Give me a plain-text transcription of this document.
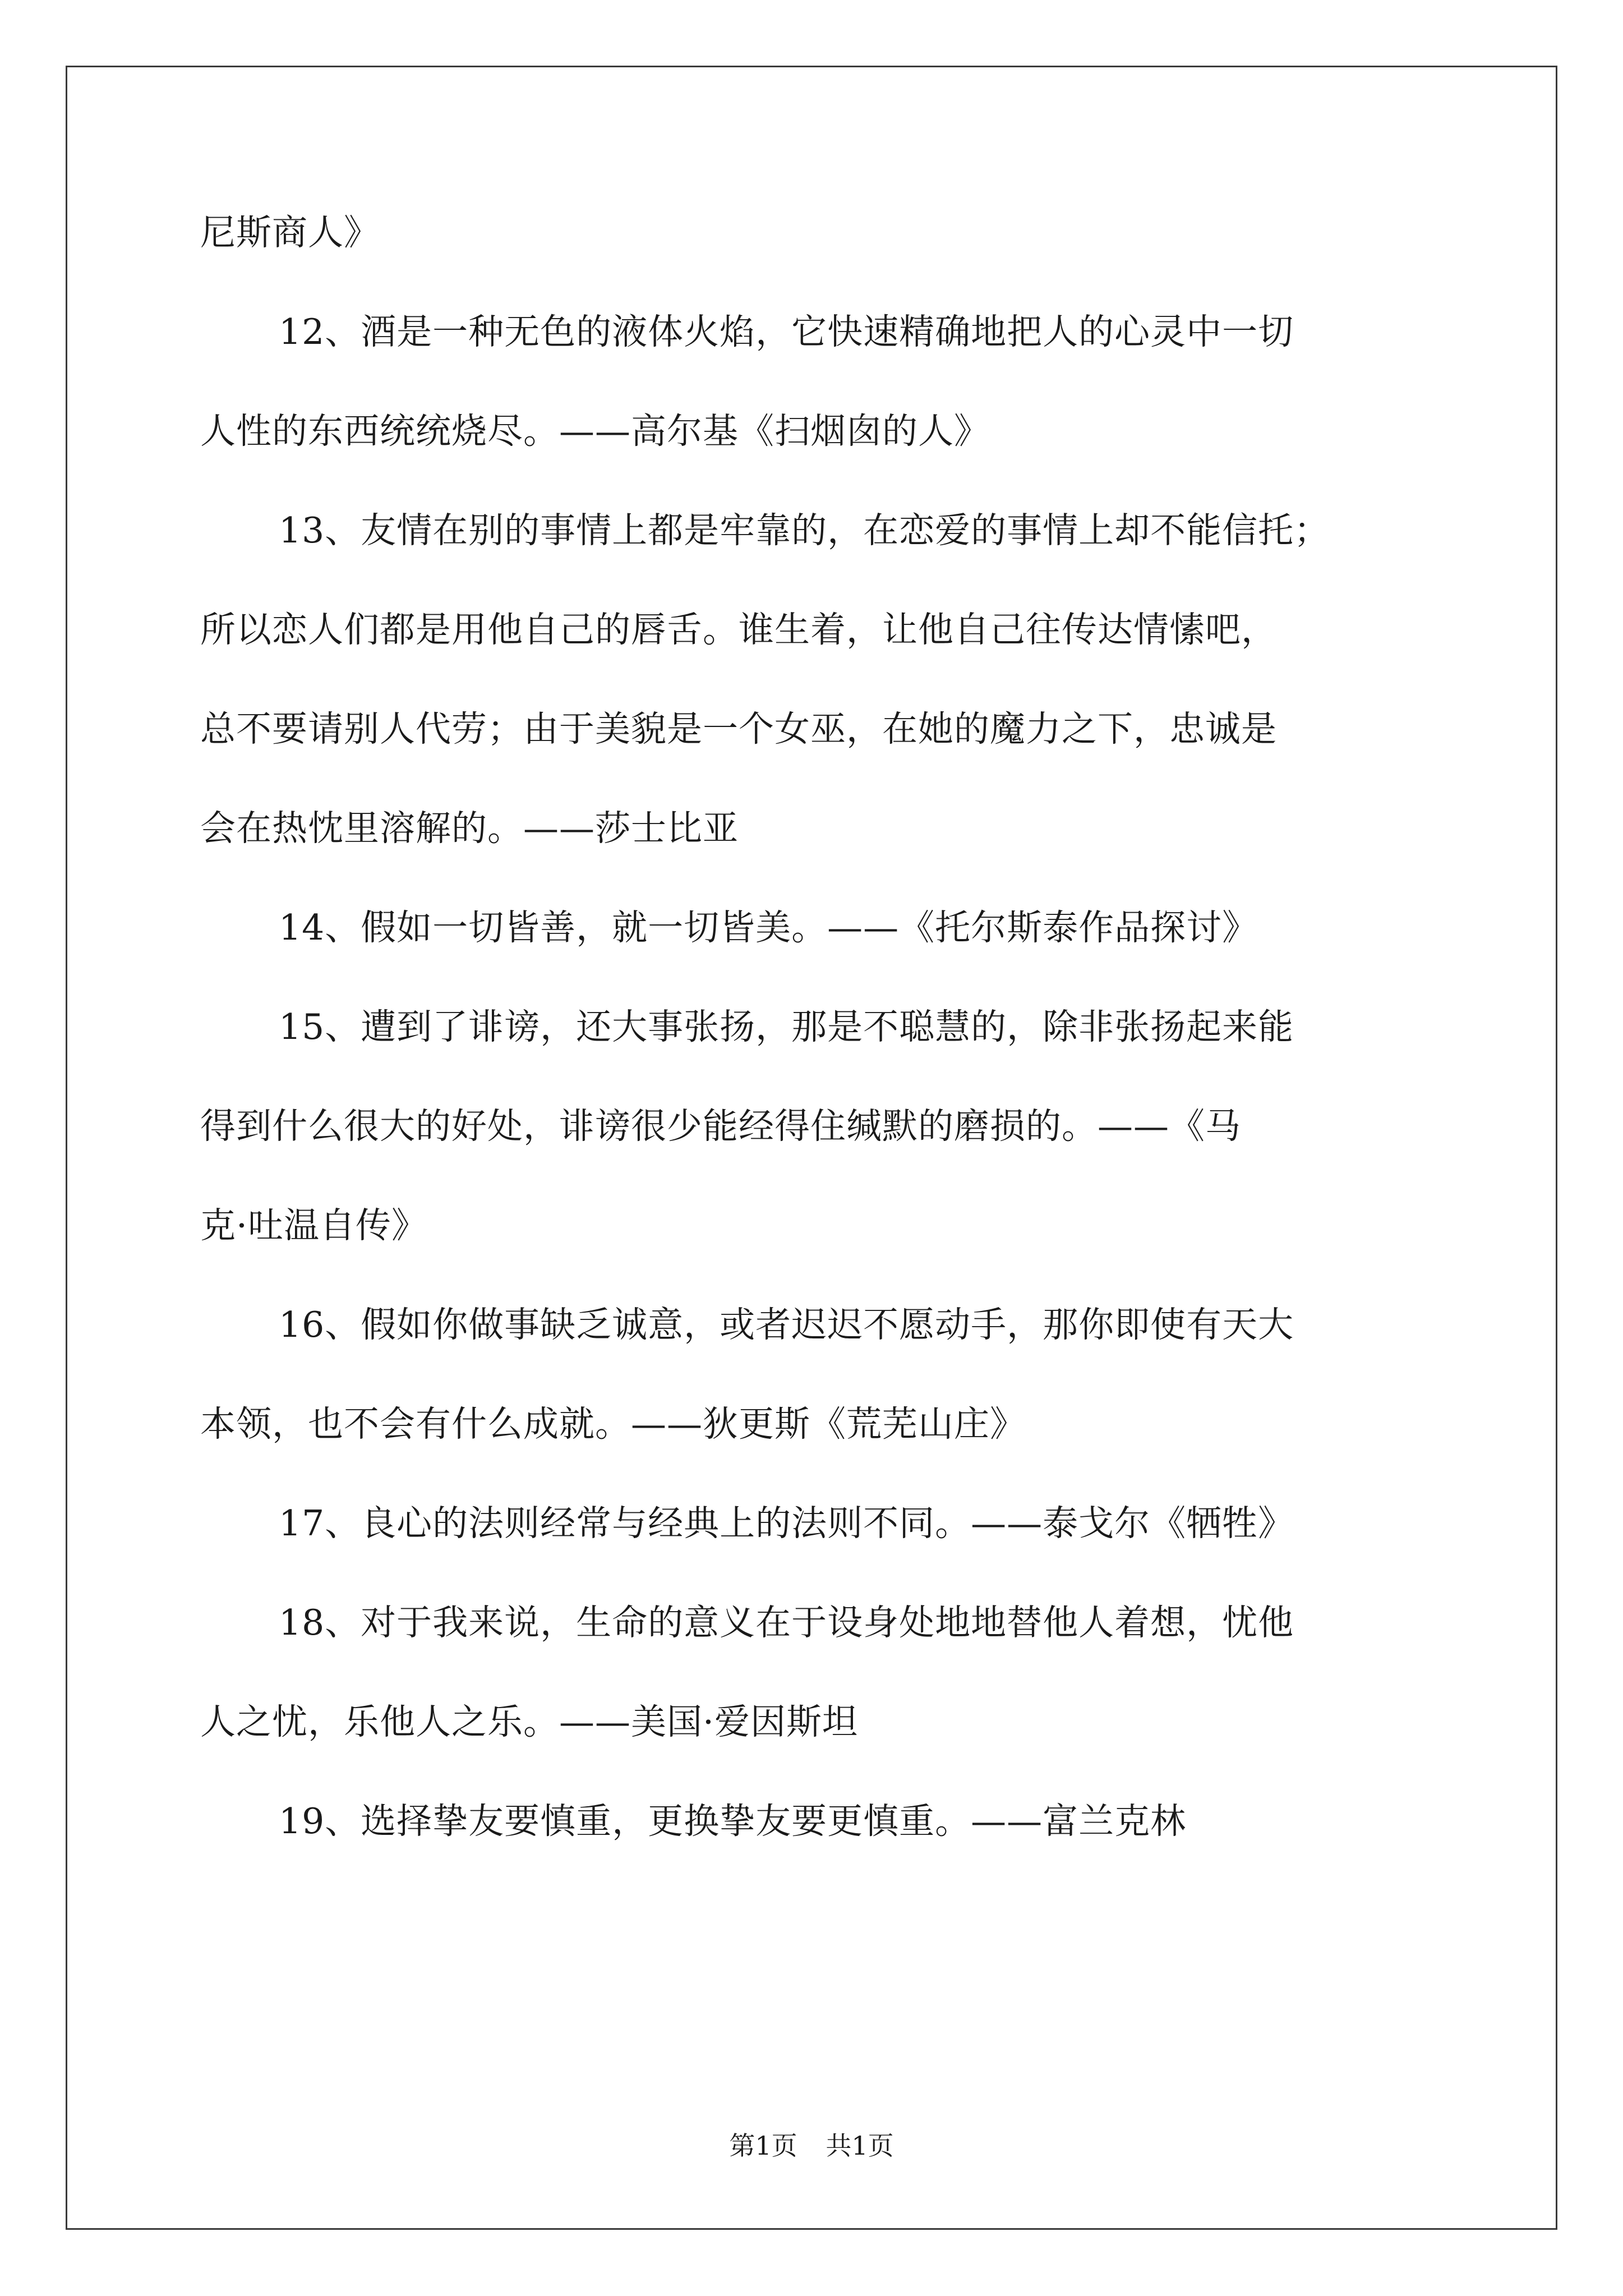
尼斯商人》
12、酒是一种无色的液体火焰，它快速精确地把人的心灵中一切
人性的东西统统烧尽。——高尔基《扫烟囱的人》
13、友情在别的事情上都是牢靠的，在恋爱的事情上却不能信托；
所以恋人们都是用他自己的唇舌。谁生着，让他自己往传达情愫吧，
总不要请别人代劳；由于美貌是一个女巫，在她的魔力之下，忠诚是
会在热忱里溶解的。——莎士比亚
14、假如一切皆善，就一切皆美。——《托尔斯泰作品探讨》
15、遭到了诽谤，还大事张扬，那是不聪慧的，除非张扬起来能
得到什么很大的好处，诽谤很少能经得住缄默的磨损的。——《马
克·吐温自传》
16、假如你做事缺乏诚意，或者迟迟不愿动手，那你即使有天大
本领，也不会有什么成就。——狄更斯《荒芜山庄》
17、良心的法则经常与经典上的法则不同。——泰戈尔《牺牲》
18、对于我来说，生命的意义在于设身处地地替他人着想，忧他
人之忧，乐他人之乐。——美国·爱因斯坦
19、选择挚友要慎重，更换挚友要更慎重。——富兰克林
第1页 共1页
